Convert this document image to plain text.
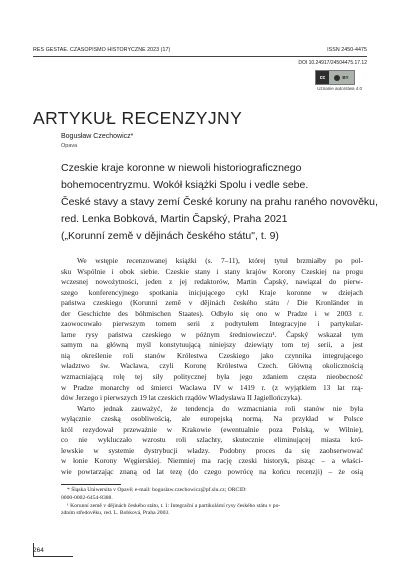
RES GESTAE. CZASOPISMO HISTORYCZNE 2023 (17)	ISSN 2450-4475
DOI 10.24917/24504475.17.12
cc	BY
Uznanie autorstwa 4.0
ARTYKUŁ RECENZYJNY
Bogusław Czechowicz*
Opava
Czeskie kraje koronne w niewoli historiograficznego
bohemocentryzmu. Wokół książki Spolu i vedle sebe.
České stavy a stavy zemí České koruny na prahu raného novověku,
red. Lenka Bobková, Martin Čapský, Praha 2021
(„Korunní země v dějinách českého státu", t. 9)
We wstępie recenzowanej książki (s. 7–11), której tytuł brzmiałby po pol-
sku Wspólnie i obok siebie. Czeskie stany i stany krajów Korony Czeskiej na progu
wczesnej nowożytności, jeden z jej redaktorów, Martin Čapský, nawiązał do pierw-
szego konferencyjnego spotkania inicjującego cykl Kraje koronne w dziejach
państwa czeskiego (Korunní země v dějinách českého státu / Die Kronländer in
der Geschichte des böhmischen Staates). Odbyło się ono w Pradze i w 2003 r.
zaowocowało pierwszym tomem serii z podtytułem Integracyjne i partykular-
larne rysy państwa czeskiego w późnym średniowieczu¹. Čapský wskazał tym
samym na główną myśl konstytuującą niniejszy dziewiąty tom tej serii, a jest
nią określenie roli stanów Królestwa Czeskiego jako czynnika integrującego
władztwo św. Wacława, czyli Koronę Królestwa Czech. Główną okolicznością
wzmacniającą rolę tej siły politycznej była jego zdaniem częsta nieobecność
w Pradze monarchy od śmierci Wacława IV w 1419 r. (z wyjątkiem 13 lat rzą-
dów Jerzego i pierwszych 19 lat czeskich rządów Władysława II Jagiellończyka).
Warto jednak zauważyć, że tendencja do wzmacniania roli stanów nie była
wyłącznie czeską osobliwością, ale europejską normą. Na przykład w Polsce
król rezydował przeważnie w Krakowie (ewentualnie poza Polską, w Wilnie),
co nie wykluczało wzrostu roli szlachty, skutecznie eliminującej miasta kró-
lewskie w systemie dystrybucji władzy. Podobny proces da się zaobserwować
w łonie Korony Węgierskiej. Niemniej ma rację czeski historyk, pisząc – a właści-
wie powtarzając znaną od lat tezę (do czego powrócę na końcu recenzji) – że osią
* Śląska Uniwersita v Opavě; e-mail: boguslaw.czechowicz@pf.slu.cz; ORCID:
0000-0002-6454-8388.
¹ Korunní země v dějinách českého státu, t. 1: Integrační a partikulární rysy českého státu v po-
zdním středověku, red. L. Bobková, Praha 2003.
264
